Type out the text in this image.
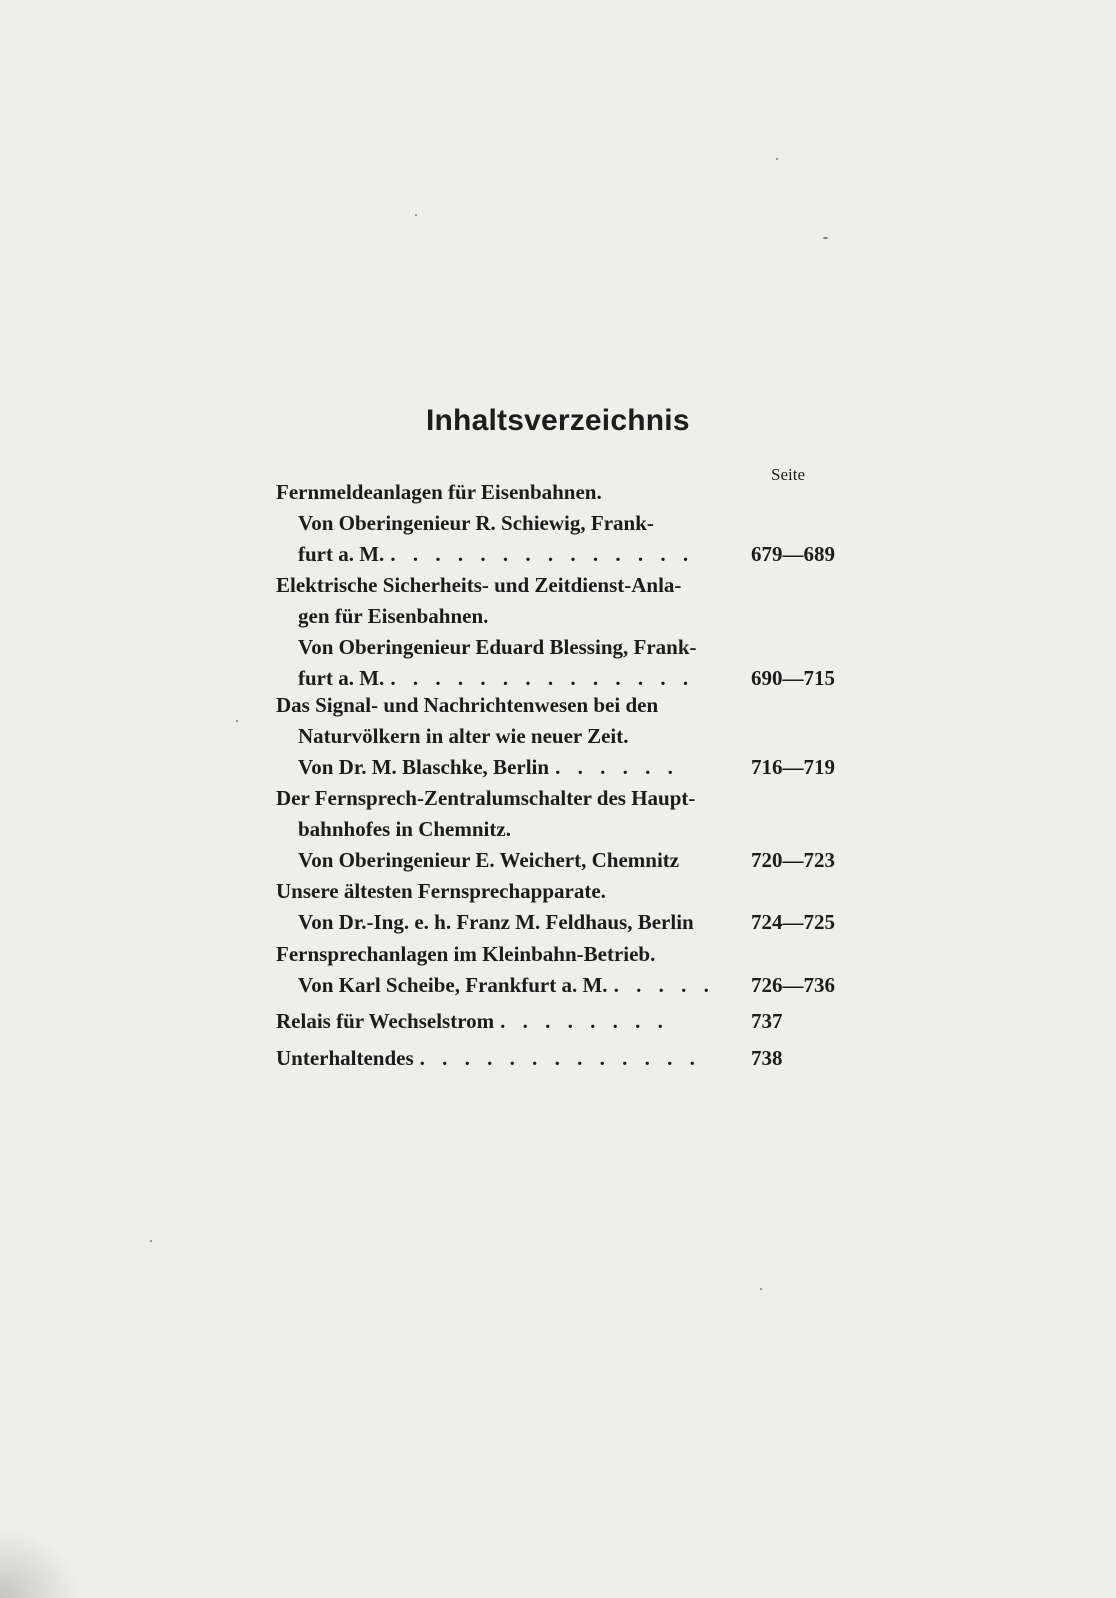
Inhaltsverzeichnis
Seite
Fernmeldeanlagen für Eisenbahnen.
Von Oberingenieur R. Schiewig, Frank-
furt a. M. . . . . . . . . . . . . . .	679—689
Elektrische Sicherheits- und Zeitdienst-Anla-
gen für Eisenbahnen.
Von Oberingenieur Eduard Blessing, Frank-
furt a. M. . . . . . . . . . . . . . .	690—715
Das Signal- und Nachrichtenwesen bei den
Naturvölkern in alter wie neuer Zeit.
Von Dr. M. Blaschke, Berlin . . . . . .	716—719
Der Fernsprech-Zentralumschalter des Haupt-
bahnhofes in Chemnitz.
Von Oberingenieur E. Weichert, Chemnitz	720—723
Unsere ältesten Fernsprechapparate.
Von Dr.-Ing. e. h. Franz M. Feldhaus, Berlin	724—725
Fernsprechanlagen im Kleinbahn-Betrieb.
Von Karl Scheibe, Frankfurt a. M. . . . . . 726—736
Relais für Wechselstrom . . . . . . . .	737
Unterhaltendes . . . . . . . . . . . . . 738
